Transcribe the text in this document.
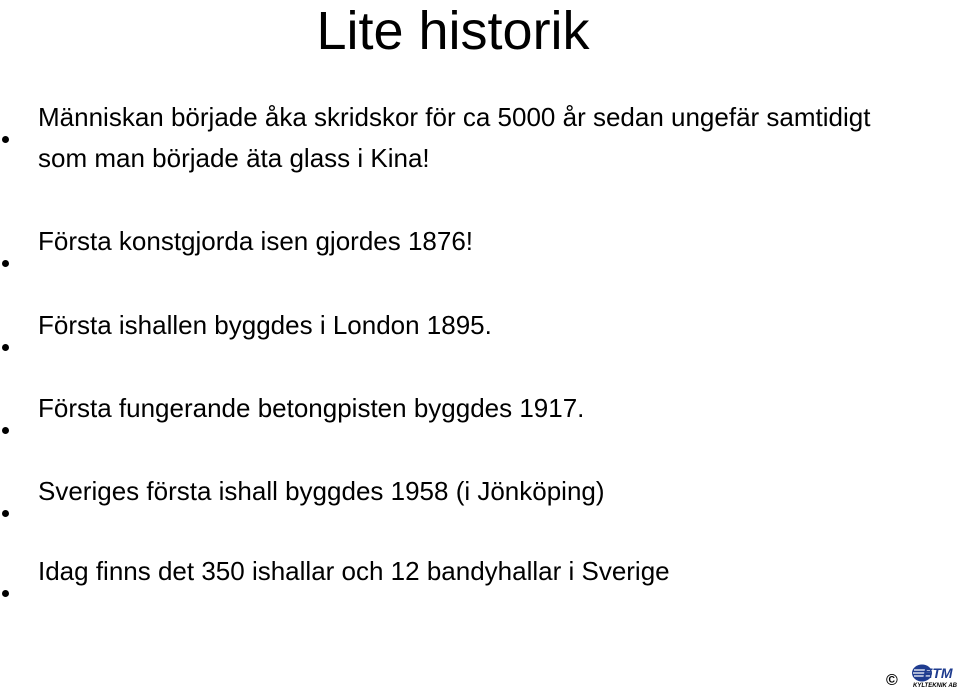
Lite historik
Människan började åka skridskor för ca 5000 år sedan ungefär samtidigt som man började äta glass i Kina!
Första konstgjorda isen gjordes 1876!
Första ishallen byggdes i London 1895.
Första fungerande betongpisten byggdes 1917.
Sveriges första ishall byggdes 1958 (i Jönköping)
Idag finns det 350 ishallar och 12 bandyhallar i Sverige
© ETM
KYLTEKNIK AB
